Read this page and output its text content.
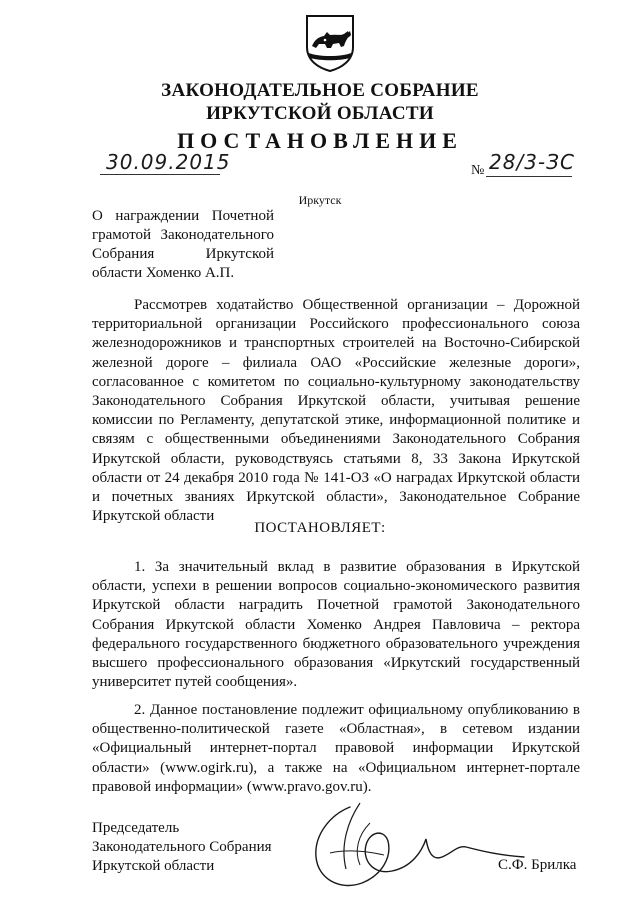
ЗАКОНОДАТЕЛЬНОЕ СОБРАНИЕ
ИРКУТСКОЙ ОБЛАСТИ
ПОСТАНОВЛЕНИЕ
30.09.2015	№ 28/3-ЗС
Иркутск
О награждении Почетной грамотой Законодательного Собрания Иркутской области Хоменко А.П.
Рассмотрев ходатайство Общественной организации – Дорожной территориальной организации Российского профессионального союза железнодорожников и транспортных строителей на Восточно-Сибирской железной дороге – филиала ОАО «Российские железные дороги», согласованное с комитетом по социально-культурному законодательству Законодательного Собрания Иркутской области, учитывая решение комиссии по Регламенту, депутатской этике, информационной политике и связям с общественными объединениями Законодательного Собрания Иркутской области, руководствуясь статьями 8, 33 Закона Иркутской области от 24 декабря 2010 года № 141-ОЗ «О наградах Иркутской области и почетных званиях Иркутской области», Законодательное Собрание Иркутской области
ПОСТАНОВЛЯЕТ:
1. За значительный вклад в развитие образования в Иркутской области, успехи в решении вопросов социально-экономического развития Иркутской области наградить Почетной грамотой Законодательного Собрания Иркутской области Хоменко Андрея Павловича – ректора федерального государственного бюджетного образовательного учреждения высшего профессионального образования «Иркутский государственный университет путей сообщения».
2. Данное постановление подлежит официальному опубликованию в общественно-политической газете «Областная», в сетевом издании «Официальный интернет-портал правовой информации Иркутской области» (www.ogirk.ru), а также на «Официальном интернет-портале правовой информации» (www.pravo.gov.ru).
Председатель
Законодательного Собрания
Иркутской области	С.Ф. Брилка
